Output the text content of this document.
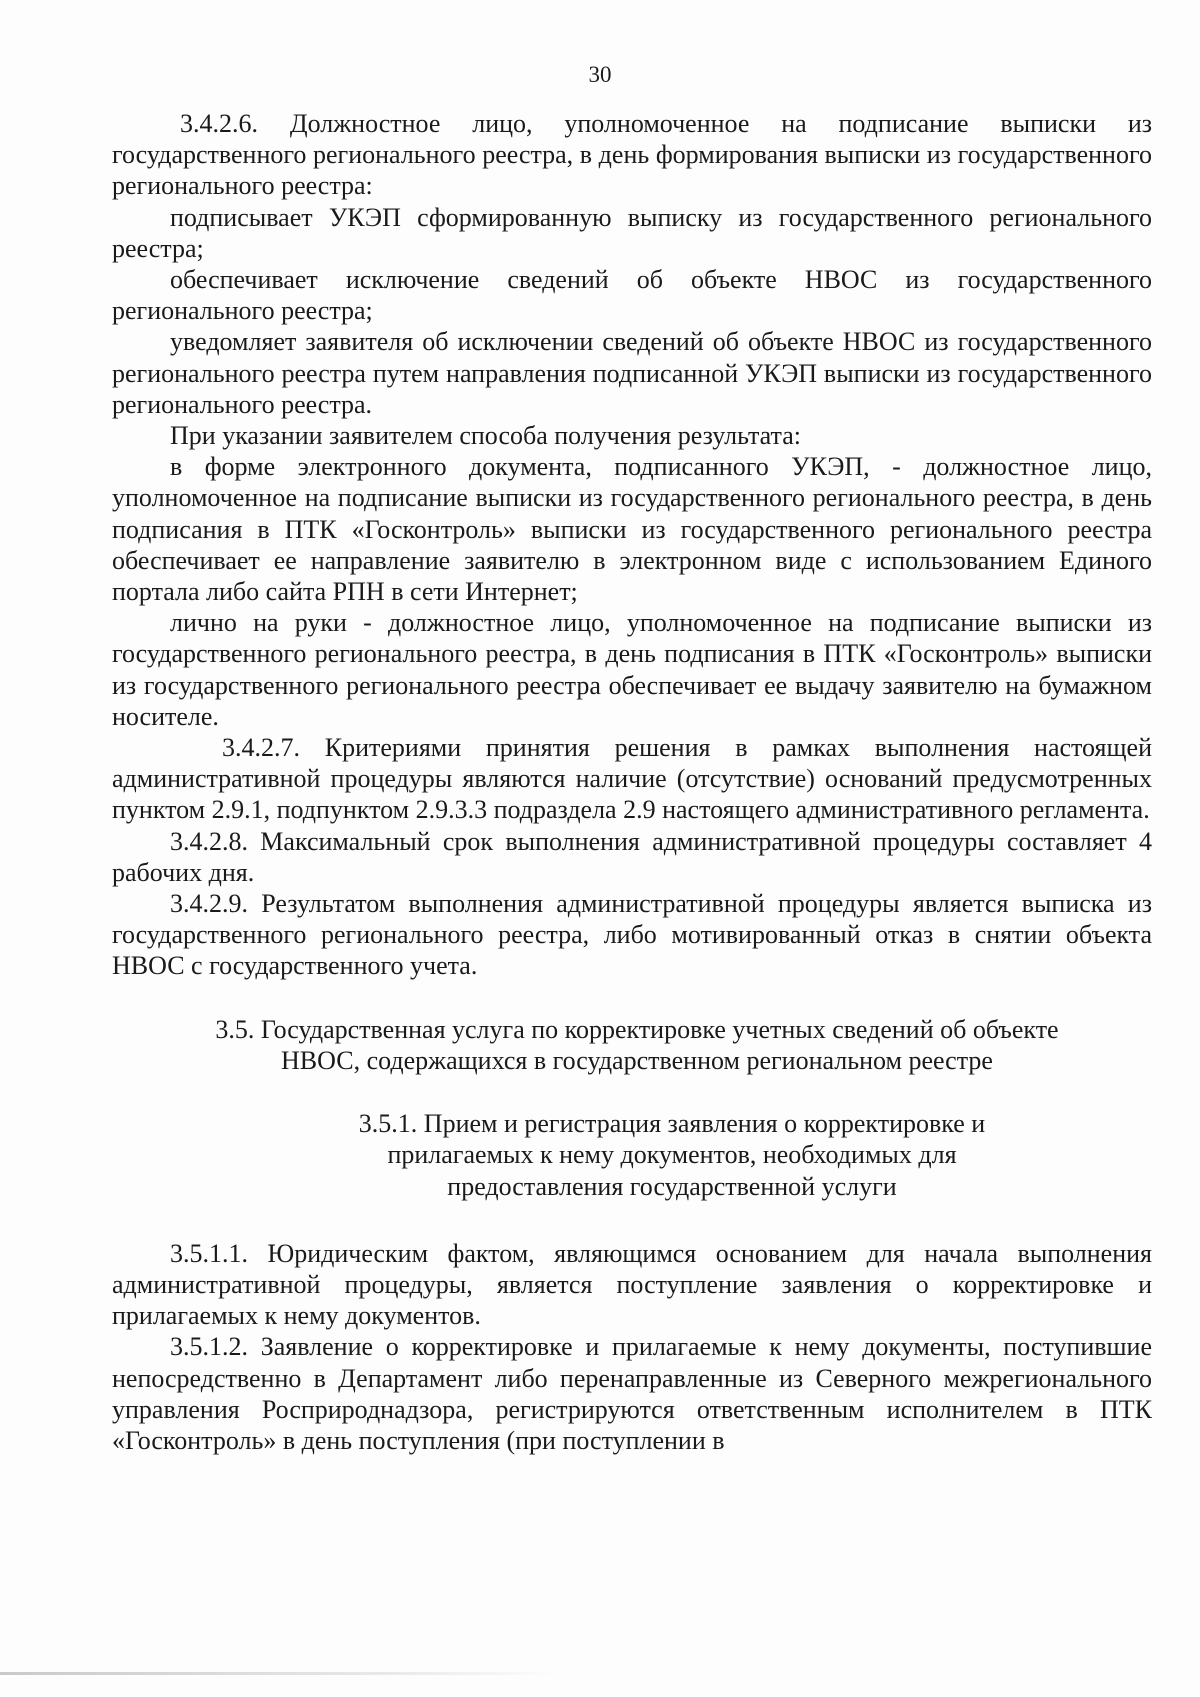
30

3.4.2.6. Должностное лицо, уполномоченное на подписание выписки из государственного регионального реестра, в день формирования выписки из государственного регионального реестра:

подписывает УКЭП сформированную выписку из государственного регионального реестра;

обеспечивает исключение сведений об объекте НВОС из государственного регионального реестра;

уведомляет заявителя об исключении сведений об объекте НВОС из государственного регионального реестра путем направления подписанной УКЭП выписки из государственного регионального реестра.

При указании заявителем способа получения результата:

в форме электронного документа, подписанного УКЭП, - должностное лицо, уполномоченное на подписание выписки из государственного регионального реестра, в день подписания в ПТК «Госконтроль» выписки из государственного регионального реестра обеспечивает ее направление заявителю в электронном виде с использованием Единого портала либо сайта РПН в сети Интернет;

лично на руки - должностное лицо, уполномоченное на подписание выписки из государственного регионального реестра, в день подписания в ПТК «Госконтроль» выписки из государственного регионального реестра обеспечивает ее выдачу заявителю на бумажном носителе.

3.4.2.7. Критериями принятия решения в рамках выполнения настоящей административной процедуры являются наличие (отсутствие) оснований предусмотренных пунктом 2.9.1, подпунктом 2.9.3.3 подраздела 2.9 настоящего административного регламента.

3.4.2.8. Максимальный срок выполнения административной процедуры составляет 4 рабочих дня.

3.4.2.9. Результатом выполнения административной процедуры является выписка из государственного регионального реестра, либо мотивированный отказ в снятии объекта НВОС с государственного учета.

3.5. Государственная услуга по корректировке учетных сведений об объекте НВОС, содержащихся в государственном региональном реестре

3.5.1. Прием и регистрация заявления о корректировке и прилагаемых к нему документов, необходимых для предоставления государственной услуги

3.5.1.1. Юридическим фактом, являющимся основанием для начала выполнения административной процедуры, является поступление заявления о корректировке и прилагаемых к нему документов.

3.5.1.2. Заявление о корректировке и прилагаемые к нему документы, поступившие непосредственно в Департамент либо перенаправленные из Северного межрегионального управления Росприроднадзора, регистрируются ответственным исполнителем в ПТК «Госконтроль» в день поступления (при поступлении в
